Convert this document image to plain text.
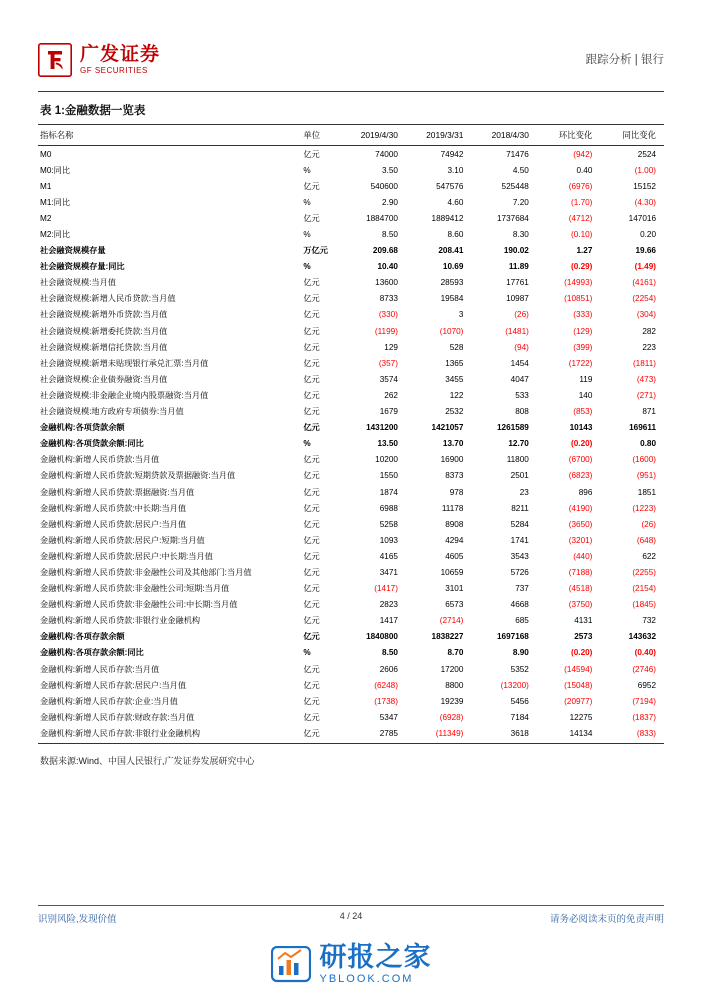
广发证券
GF SECURITIES
跟踪分析 | 银行
表 1:金融数据一览表
指标名称	单位	2019/4/30	2019/3/31	2018/4/30	环比变化	同比变化
M0	亿元	74000	74942	71476	(942)	2524
M0:同比	%	3.50	3.10	4.50	0.40	(1.00)
M1	亿元	540600	547576	525448	(6976)	15152
M1:同比	%	2.90	4.60	7.20	(1.70)	(4.30)
M2	亿元	1884700	1889412	1737684	(4712)	147016
M2:同比	%	8.50	8.60	8.30	(0.10)	0.20
社会融资规模存量	万亿元	209.68	208.41	190.02	1.27	19.66
社会融资规模存量:同比	%	10.40	10.69	11.89	(0.29)	(1.49)
社会融资规模:当月值	亿元	13600	28593	17761	(14993)	(4161)
社会融资规模:新增人民币贷款:当月值	亿元	8733	19584	10987	(10851)	(2254)
社会融资规模:新增外币贷款:当月值	亿元	(330)	3	(26)	(333)	(304)
社会融资规模:新增委托贷款:当月值	亿元	(1199)	(1070)	(1481)	(129)	282
社会融资规模:新增信托贷款:当月值	亿元	129	528	(94)	(399)	223
社会融资规模:新增未贴现银行承兑汇票:当月值	亿元	(357)	1365	1454	(1722)	(1811)
社会融资规模:企业债券融资:当月值	亿元	3574	3455	4047	119	(473)
社会融资规模:非金融企业境内股票融资:当月值	亿元	262	122	533	140	(271)
社会融资规模:地方政府专项债券:当月值	亿元	1679	2532	808	(853)	871
金融机构:各项贷款余额	亿元	1431200	1421057	1261589	10143	169611
金融机构:各项贷款余额:同比	%	13.50	13.70	12.70	(0.20)	0.80
金融机构:新增人民币贷款:当月值	亿元	10200	16900	11800	(6700)	(1600)
金融机构:新增人民币贷款:短期贷款及票据融资:当月值	亿元	1550	8373	2501	(6823)	(951)
金融机构:新增人民币贷款:票据融资:当月值	亿元	1874	978	23	896	1851
金融机构:新增人民币贷款:中长期:当月值	亿元	6988	11178	8211	(4190)	(1223)
金融机构:新增人民币贷款:居民户:当月值	亿元	5258	8908	5284	(3650)	(26)
金融机构:新增人民币贷款:居民户:短期:当月值	亿元	1093	4294	1741	(3201)	(648)
金融机构:新增人民币贷款:居民户:中长期:当月值	亿元	4165	4605	3543	(440)	622
金融机构:新增人民币贷款:非金融性公司及其他部门:当月值	亿元	3471	10659	5726	(7188)	(2255)
金融机构:新增人民币贷款:非金融性公司:短期:当月值	亿元	(1417)	3101	737	(4518)	(2154)
金融机构:新增人民币贷款:非金融性公司:中长期:当月值	亿元	2823	6573	4668	(3750)	(1845)
金融机构:新增人民币贷款:非银行业金融机构	亿元	1417	(2714)	685	4131	732
金融机构:各项存款余额	亿元	1840800	1838227	1697168	2573	143632
金融机构:各项存款余额:同比	%	8.50	8.70	8.90	(0.20)	(0.40)
金融机构:新增人民币存款:当月值	亿元	2606	17200	5352	(14594)	(2746)
金融机构:新增人民币存款:居民户:当月值	亿元	(6248)	8800	(13200)	(15048)	6952
金融机构:新增人民币存款:企业:当月值	亿元	(1738)	19239	5456	(20977)	(7194)
金融机构:新增人民币存款:财政存款:当月值	亿元	5347	(6928)	7184	12275	(1837)
金融机构:新增人民币存款:非银行业金融机构	亿元	2785	(11349)	3618	14134	(833)
数据来源:Wind、中国人民银行,广发证券发展研究中心
识别风险,发现价值	4 / 24	请务必阅读末页的免责声明
研报之家
YBLOOK.COM
